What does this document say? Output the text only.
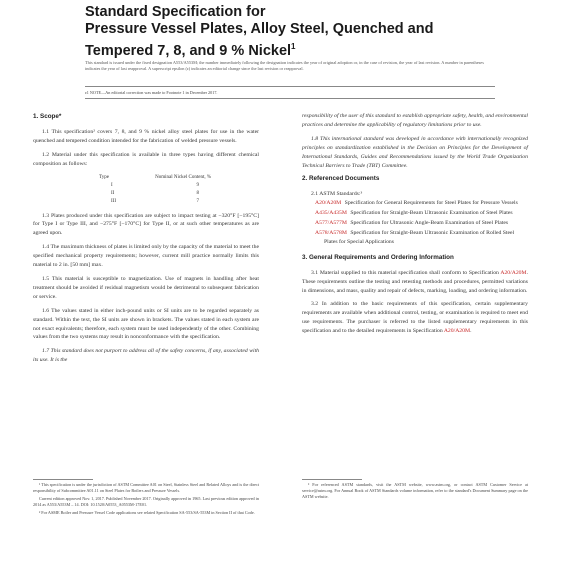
Standard Specification for
Pressure Vessel Plates, Alloy Steel, Quenched and
Tempered 7, 8, and 9 % Nickel$^1$
This standard is issued under the fixed designation A553/A553M; the number immediately following the designation indicates the year of original adoption or, in the case of revision, the year of last revision. A number in parentheses indicates the year of last reapproval. A superscript epsilon (ε) indicates an editorial change since the last revision or reapproval.
ε1 NOTE—An editorial correction was made to Footnote 1 in December 2017.
1. Scope*

1.1 This specification² covers 7, 8, and 9 % nickel alloy steel plates for use in the water quenched and tempered condition intended for the fabrication of welded pressure vessels.

1.2 Material under this specification is available in three types having different chemical composition as follows:

Type	Nominal Nickel Content, %
I	9
II	8
III	7

1.3 Plates produced under this specification are subject to impact testing at −320°F [−195°C] for Type I or Type III, and −275°F [−170°C] for Type II, or at such other temperatures as are agreed upon.

1.4 The maximum thickness of plates is limited only by the capacity of the material to meet the specified mechanical property requirements; however, current mill practice normally limits this material to 2 in. [50 mm] max.

1.5 This material is susceptible to magnetization. Use of magnets in handling after heat treatment should be avoided if residual magnetism would be detrimental to subsequent fabrication or service.

1.6 The values stated in either inch-pound units or SI units are to be regarded separately as standard. Within the text, the SI units are shown in brackets. The values stated in each system are not exact equivalents; therefore, each system must be used independently of the other. Combining values from the two systems may result in nonconformance with the specification.

1.7 This standard does not purport to address all of the safety concerns, if any, associated with its use. It is the

responsibility of the user of this standard to establish appropriate safety, health, and environmental practices and determine the applicability of regulatory limitations prior to use.

1.8 This international standard was developed in accordance with internationally recognized principles on standardization established in the Decision on Principles for the Development of International Standards, Guides and Recommendations issued by the World Trade Organization Technical Barriers to Trade (TBT) Committee.

2. Referenced Documents
2.1 ASTM Standards:³
A20/A20M Specification for General Requirements for Steel Plates for Pressure Vessels
A435/A435M Specification for Straight-Beam Ultrasonic Examination of Steel Plates
A577/A577M Specification for Ultrasonic Angle-Beam Examination of Steel Plates
A578/A578M Specification for Straight-Beam Ultrasonic Examination of Rolled Steel Plates for Special Applications
3. General Requirements and Ordering Information

3.1 Material supplied to this material specification shall conform to Specification A20/A20M. These requirements outline the testing and retesting methods and procedures, permitted variations in dimensions, and mass, quality and repair of defects, marking, loading, and ordering information.

3.2 In addition to the basic requirements of this specification, certain supplementary requirements are available when additional control, testing, or examination is required to meet end use requirements. The purchaser is referred to the listed supplementary requirements in this specification and to the detailed requirements in Specification A20/A20M.

¹ This specification is under the jurisdiction of ASTM Committee A01 on Steel, Stainless Steel and Related Alloys and is the direct responsibility of Subcommittee A01.11 on Steel Plates for Boilers and Pressure Vessels.

Current edition approved Nov. 1, 2017. Published November 2017. Originally approved in 1965. Last previous edition approved in 2014 as A553/A553M – 14. DOI: 10.1520/A0553_A0553M-17E01.

² For ASME Boiler and Pressure Vessel Code applications see related Specification SA-553/SA-553M in Section II of that Code.

³ For referenced ASTM standards, visit the ASTM website, www.astm.org, or contact ASTM Customer Service at service@astm.org. For Annual Book of ASTM Standards volume information, refer to the standard's Document Summary page on the ASTM website.
